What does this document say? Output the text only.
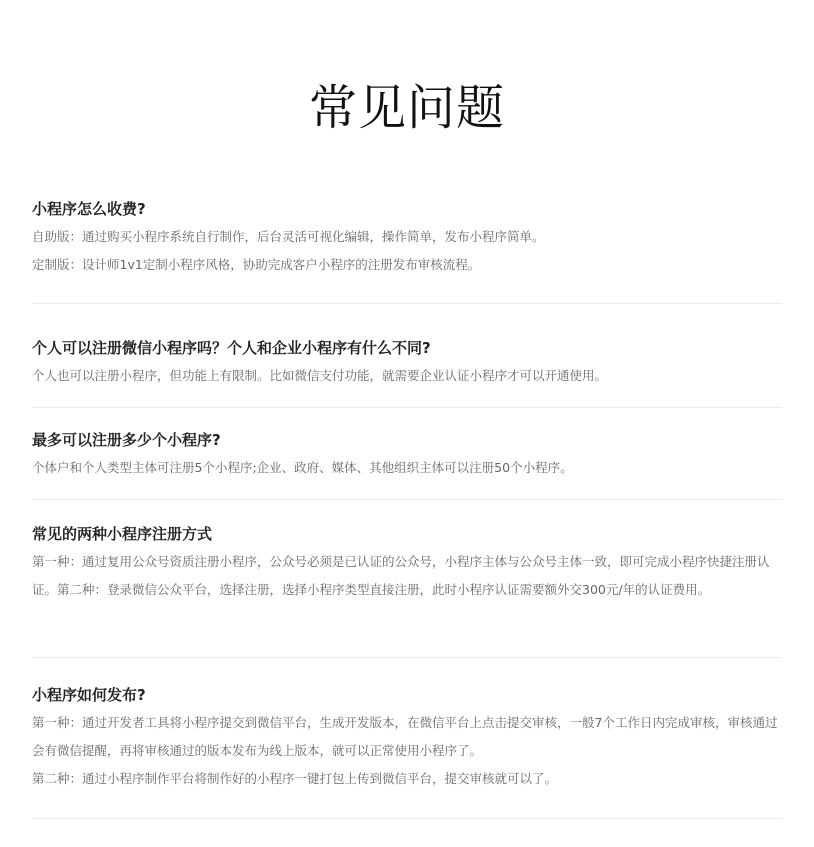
常见问题
小程序怎么收费?

自助版：通过购买小程序系统自行制作，后台灵活可视化编辑，操作简单，发布小程序简单。

定制版：设计师1v1定制小程序风格，协助完成客户小程序的注册发布审核流程。

个人可以注册微信小程序吗？个人和企业小程序有什么不同?

个人也可以注册小程序，但功能上有限制。比如微信支付功能，就需要企业认证小程序才可以开通使用。

最多可以注册多少个小程序?

个体户和个人类型主体可注册5个小程序;企业、政府、媒体、其他组织主体可以注册50个小程序。

常见的两种小程序注册方式

第一种：通过复用公众号资质注册小程序，公众号必须是已认证的公众号，小程序主体与公众号主体一致，即可完成小程序快捷注册认证。第二种：登录微信公众平台，选择注册，选择小程序类型直接注册，此时小程序认证需要额外交300元/年的认证费用。

小程序如何发布?

第一种：通过开发者工具将小程序提交到微信平台，生成开发版本，在微信平台上点击提交审核，一般7个工作日内完成审核，审核通过会有微信提醒，再将审核通过的版本发布为线上版本，就可以正常使用小程序了。

第二种：通过小程序制作平台将制作好的小程序一键打包上传到微信平台，提交审核就可以了。
